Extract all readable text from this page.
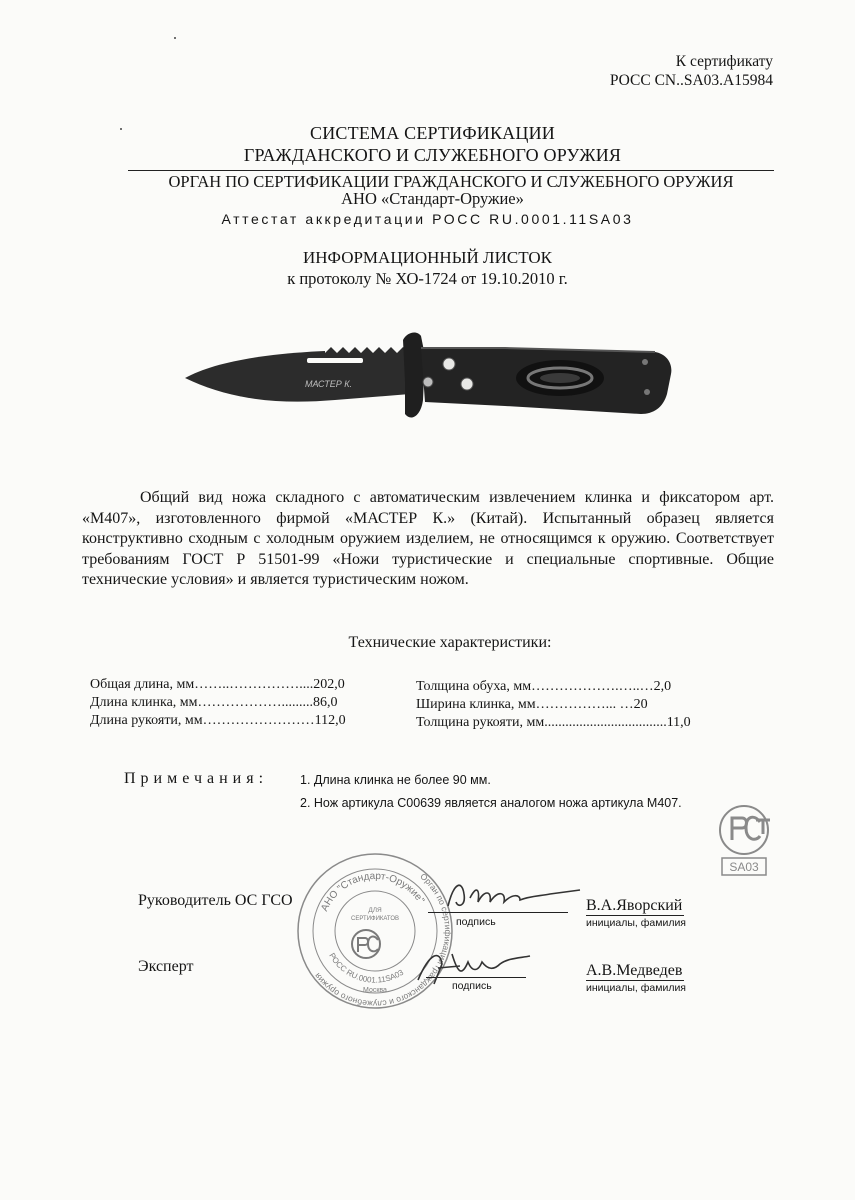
К сертификату
РОСС CN..SA03.A15984
СИСТЕМА СЕРТИФИКАЦИИ
ГРАЖДАНСКОГО И СЛУЖЕБНОГО ОРУЖИЯ
ОРГАН ПО СЕРТИФИКАЦИИ ГРАЖДАНСКОГО И СЛУЖЕБНОГО ОРУЖИЯ
АНО «Стандарт-Оружие»
Аттестат аккредитации РОСС RU.0001.11SA03
ИНФОРМАЦИОННЫЙ ЛИСТОК
к протоколу № ХО-1724 от 19.10.2010 г.
МАСТЕР К.
Общий вид ножа складного с автоматическим извлечением клинка и фиксатором арт. «М407», изготовленного фирмой «МАСТЕР К.» (Китай). Испытанный образец является конструктивно сходным с холодным оружием изделием, не относящимся к оружию. Соответствует требованиям ГОСТ Р 51501-99 «Ножи туристические и специальные спортивные. Общие технические условия» и является туристическим ножом.
Технические характеристики:
Общая длина, мм……..……………....202,0
Длина клинка, мм……………….........86,0
Длина рукояти, мм……………………112,0
Толщина обуха, мм……………….…..…2,0
Ширина клинка, мм……………... …20
Толщина рукояти, мм...................................11,0
Примечания:	1. Длина клинка не более 90 мм.
2. Нож артикула С00639 является аналогом ножа артикула М407.
SA03
Орган по сертификации гражданского и служебного оружия
АНО "Стандарт-Оружие"
РОСС RU.0001.11SA03
ДЛЯ
СЕРТИФИКАТОВ
Москва
Руководитель ОС ГСО
подпись
В.А.Яворский
инициалы, фамилия
Эксперт
подпись
А.В.Медведев
инициалы, фамилия
